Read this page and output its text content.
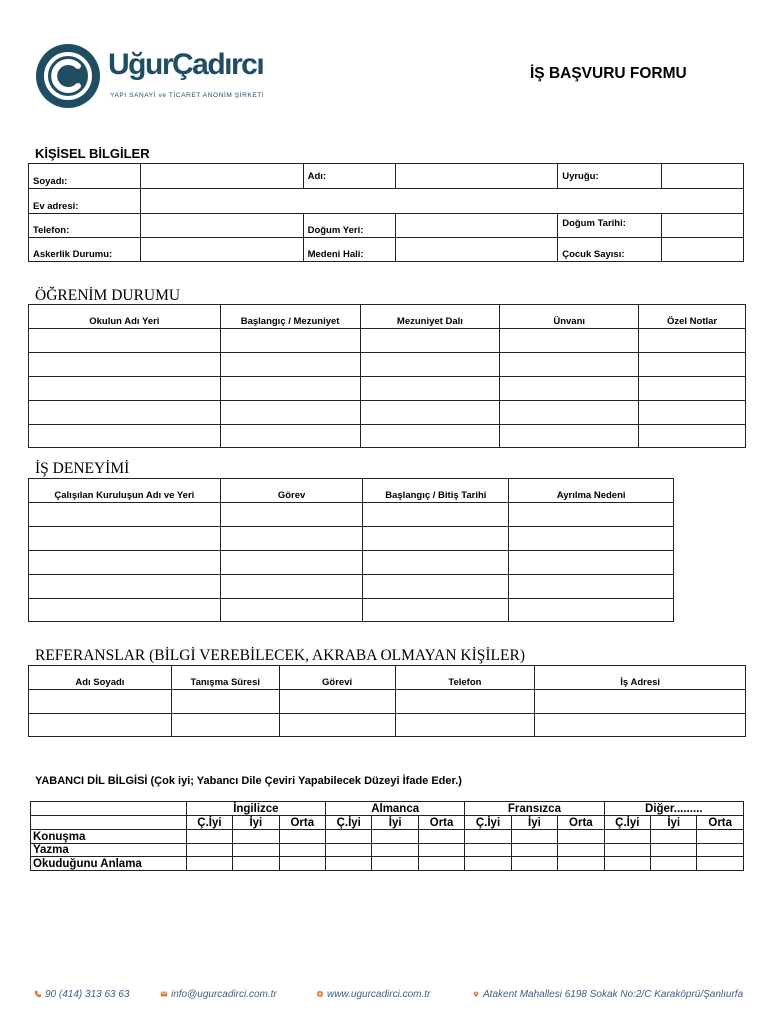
UğurÇadırcı
YAPI SANAYİ ve TİCARET ANONİM ŞİRKETİ
İŞ BAŞVURU FORMU
KİŞİSEL BİLGİLER
Soyadı:		Adı:		Uyruğu:	
Ev adresi:					
Telefon:		Doğum Yeri:		Doğum Tarihi:	
Askerlik Durumu:		Medeni Hali:		Çocuk Sayısı:	
ÖĞRENİM DURUMU
Okulun Adı Yeri	Başlangıç / Mezuniyet	Mezuniyet Dalı	Ünvanı	Özel Notlar

İŞ DENEYİMİ
Çalışılan Kuruluşun Adı ve Yeri	Görev	Başlangıç / Bitiş Tarihi	Ayrılma Nedeni

REFERANSLAR (BİLGİ VEREBİLECEK, AKRABA OLMAYAN KİŞİLER)
Adı Soyadı	Tanışma Süresi	Görevi	Telefon	İş Adresi

YABANCI DİL BİLGİSİ (Çok iyi; Yabancı Dile Çeviri Yapabilecek Düzeyi İfade Eder.)
	İngilizce			Almanca			Fransızca			Diğer.........		
	Ç.İyi	İyi	Orta	Ç.İyi	İyi	Orta	Ç.İyi	İyi	Orta	Ç.İyi	İyi	Orta
Konuşma												
Yazma												
Okuduğunu Anlama												
90 (414) 313 63 63	info@ugurcadirci.com.tr	www.ugurcadirci.com.tr	Atakent Mahallesi 6198 Sokak No:2/C Karaköprü/Şanlıurfa
